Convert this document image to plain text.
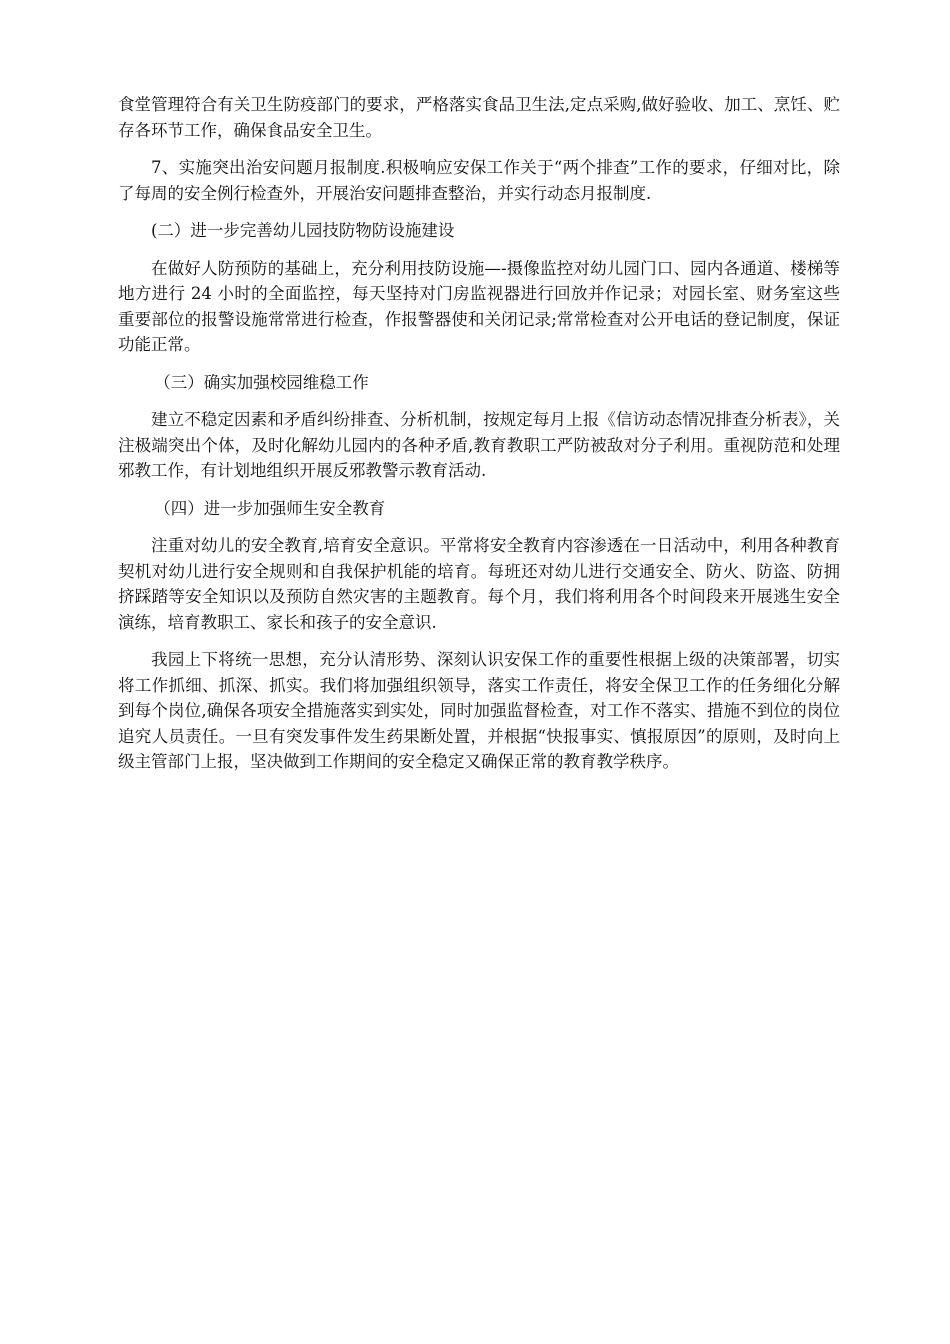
食堂管理符合有关卫生防疫部门的要求，严格落实食品卫生法,定点采购,做好验收、加工、烹饪、贮存各环节工作，确保食品安全卫生。

7、实施突出治安问题月报制度.积极响应安保工作关于“两个排查”工作的要求，仔细对比，除了每周的安全例行检查外，开展治安问题排查整治，并实行动态月报制度.

(二）进一步完善幼儿园技防物防设施建设

在做好人防预防的基础上，充分利用技防设施—-摄像监控对幼儿园门口、园内各通道、楼梯等地方进行 24 小时的全面监控，每天坚持对门房监视器进行回放并作记录；对园长室、财务室这些重要部位的报警设施常常进行检查，作报警器使和关闭记录;常常检查对公开电话的登记制度，保证功能正常。

（三）确实加强校园维稳工作

建立不稳定因素和矛盾纠纷排查、分析机制，按规定每月上报《信访动态情况排查分析表》，关注极端突出个体，及时化解幼儿园内的各种矛盾,教育教职工严防被敌对分子利用。重视防范和处理邪教工作，有计划地组织开展反邪教警示教育活动.

（四）进一步加强师生安全教育

注重对幼儿的安全教育,培育安全意识。平常将安全教育内容渗透在一日活动中，利用各种教育契机对幼儿进行安全规则和自我保护机能的培育。每班还对幼儿进行交通安全、防火、防盗、防拥挤踩踏等安全知识以及预防自然灾害的主题教育。每个月，我们将利用各个时间段来开展逃生安全演练，培育教职工、家长和孩子的安全意识.

我园上下将统一思想，充分认清形势、深刻认识安保工作的重要性根据上级的决策部署，切实将工作抓细、抓深、抓实。我们将加强组织领导，落实工作责任，将安全保卫工作的任务细化分解到每个岗位,确保各项安全措施落实到实处，同时加强监督检查，对工作不落实、措施不到位的岗位追究人员责任。一旦有突发事件发生药果断处置，并根据“快报事实、慎报原因”的原则，及时向上级主管部门上报，坚决做到工作期间的安全稳定又确保正常的教育教学秩序。
